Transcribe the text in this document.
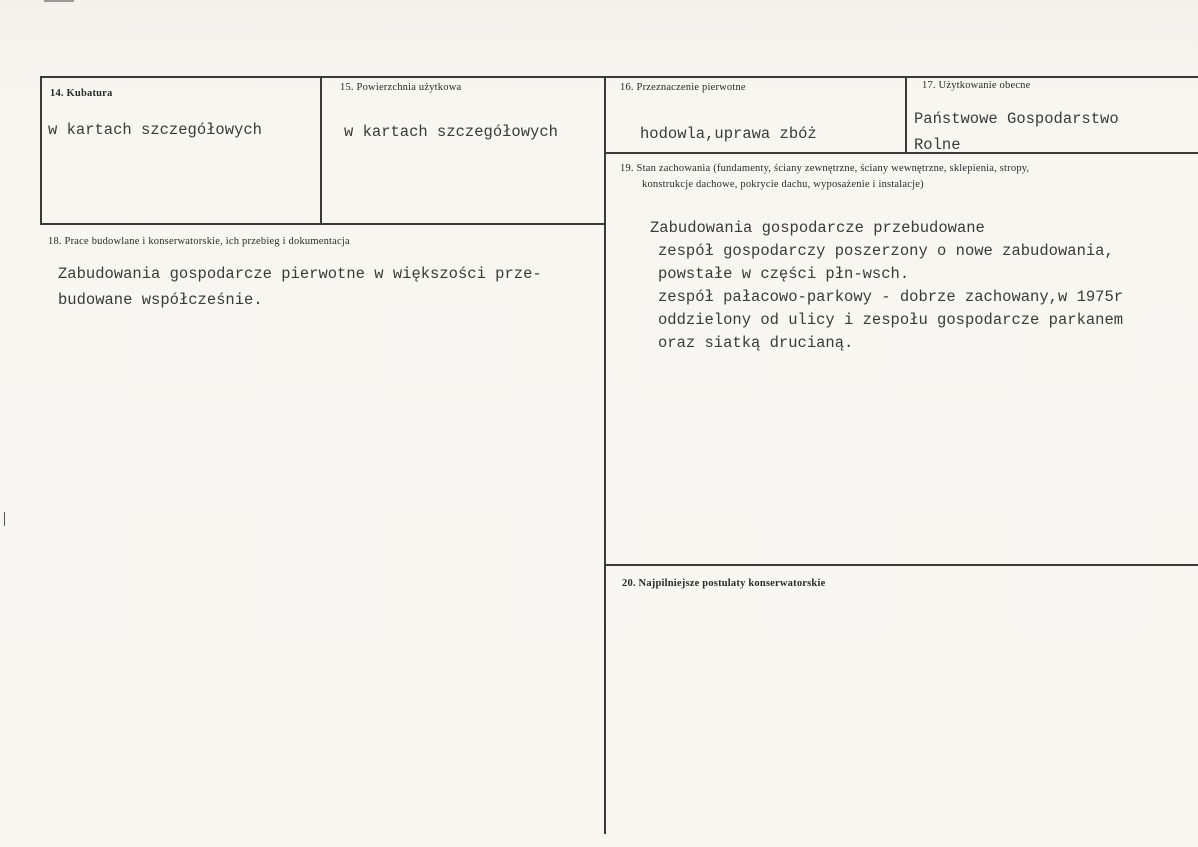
14. Kubatura
w kartach szczegółowych
15. Powierzchnia użytkowa
w kartach szczegółowych
16. Przeznaczenie pierwotne
hodowla,uprawa zbóż
17. Użytkowanie obecne
Państwowe Gospodarstwo
Rolne
18. Prace budowlane i konserwatorskie, ich przebieg i dokumentacja
Zabudowania gospodarcze pierwotne w większości prze-
budowane współcześnie.
19. Stan zachowania (fundamenty, ściany zewnętrzne, ściany wewnętrzne, sklepienia, stropy,
konstrukcje dachowe, pokrycie dachu, wyposażenie i instalacje)
Zabudowania gospodarcze przebudowane
zespół gospodarczy poszerzony o nowe zabudowania,
powstałe w części płn-wsch.
zespół pałacowo-parkowy - dobrze zachowany,w 1975r
oddzielony od ulicy i zespołu gospodarcze parkanem
oraz siatką drucianą.
20. Najpilniejsze postulaty konserwatorskie
